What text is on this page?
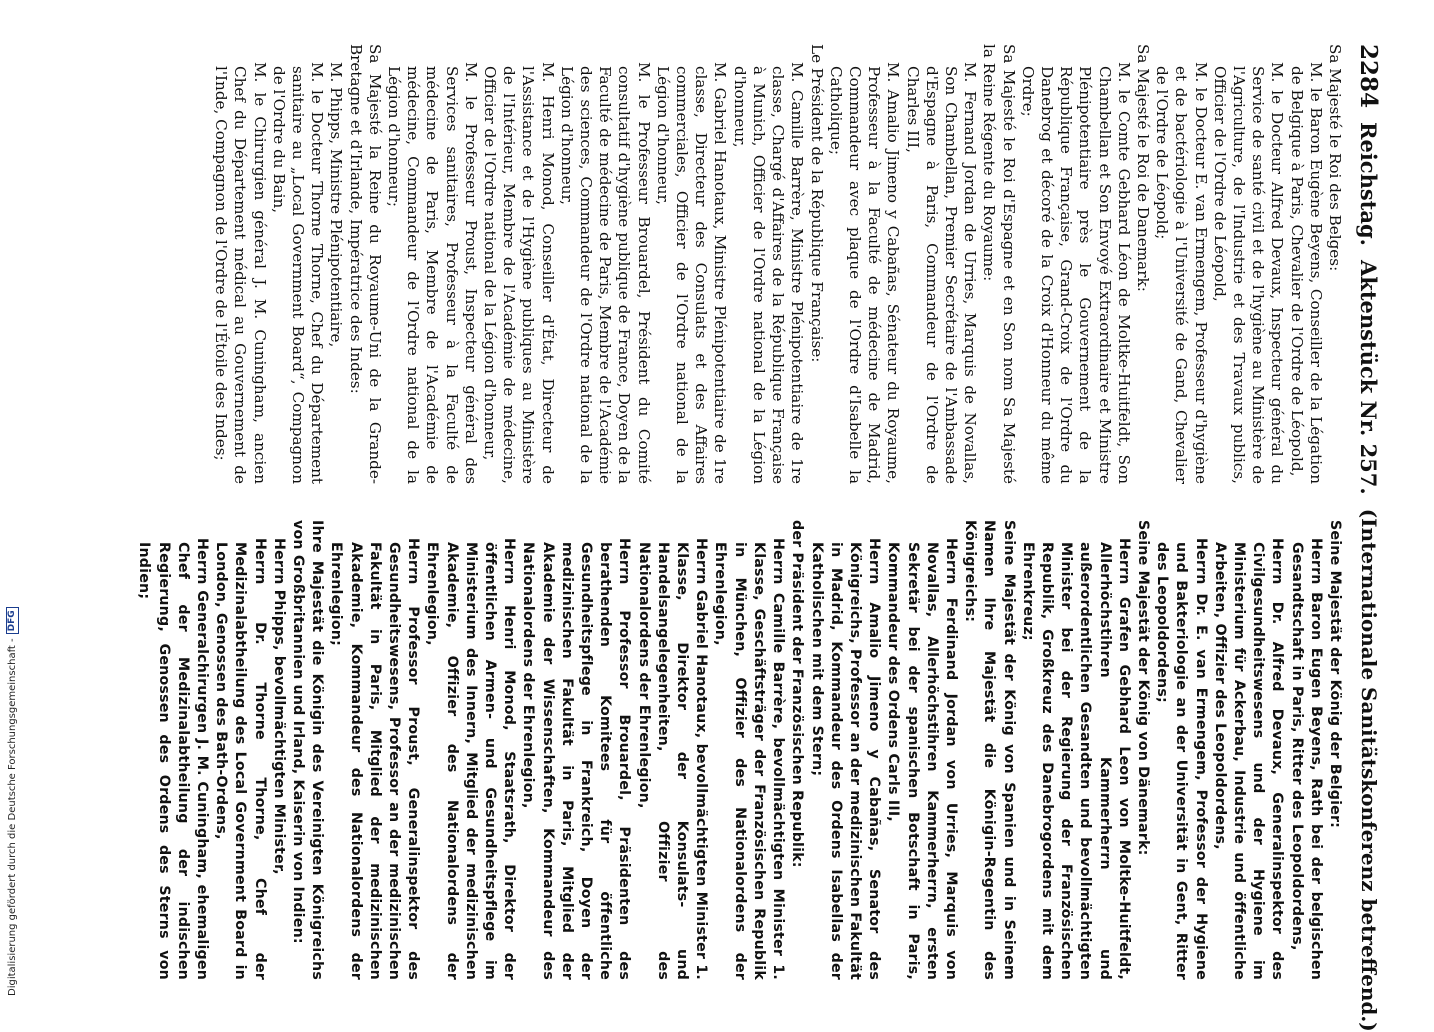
2284
Reichstag.
Aktenstück Nr. 257.
(Internationale Sanitätskonferenz betreffend.)

Sa Majesté le Roi des Belges:

M. le Baron Eugène Beyens, Conseiller de la Légation de Belgique à Paris, Chevalier de l'Ordre de Léopold,

M. le Docteur Alfred Devaux, Inspecteur général du Service de santé civil et de l'hygiène au Ministère de l'Agriculture, de l'Industrie et des Travaux publics, Officier de l'Ordre de Léopold,

M. le Docteur E. van Ermengem, Professeur d'hygiène et de bactériologie à l'Université de Gand, Chevalier de l'Ordre de Léopold;

Sa Majesté le Roi de Danemark:

M. le Comte Gebhard Léon de Moltke-Huitfeldt, Son Chambellan et Son Envoyé Extraordinaire et Ministre Plénipotentiaire près le Gouvernement de la République Française, Grand-Croix de l'Ordre du Danebrog et décoré de la Croix d'Honneur du même Ordre;

Sa Majesté le Roi d'Espagne et en Son nom Sa Majesté la Reine Régente du Royaume:

M. Fernand Jordan de Urries, Marquis de Novallas, Son Chambellan, Premier Secrétaire de l'Ambassade d'Espagne à Paris, Commandeur de l'Ordre de Charles III,

M. Amalio Jimeno y Cabañas, Sénateur du Royaume, Professeur à la Faculté de médecine de Madrid, Commandeur avec plaque de l'Ordre d'Isabelle la Catholique;

Le Président de la République Française:

M. Camille Barrère, Ministre Plénipotentiaire de 1re classe, Chargé d'Affaires de la République Française à Munich, Officier de l'Ordre national de la Légion d'honneur,

M. Gabriel Hanotaux, Ministre Plénipotentiaire de 1re classe, Directeur des Consulats et des Affaires commerciales, Officier de l'Ordre national de la Légion d'honneur,

M. le Professeur Brouardel, Président du Comité consultatif d'hygiène publique de France, Doyen de la Faculté de médecine de Paris, Membre de l'Académie des sciences, Commandeur de l'Ordre national de la Légion d'honneur,

M. Henri Monod, Conseiller d'État, Directeur de l'Assistance et de l'Hygiène publiques au Ministère de l'Intérieur, Membre de l'Académie de médecine, Officier de l'Ordre national de la Légion d'honneur,

M. le Professeur Proust, Inspecteur général des Services sanitaires, Professeur à la Faculté de médecine de Paris, Membre de l'Académie de médecine, Commandeur de l'Ordre national de la Légion d'honneur;

Sa Majesté la Reine du Royaume-Uni de la Grande-Bretagne et d'Irlande, Impératrice des Indes:

M. Phipps, Ministre Plénipotentiaire,

M. le Docteur Thorne Thorne, Chef du Département sanitaire au „Local Government Board“, Compagnon de l'Ordre du Bain,

M. le Chirurgien général J. M. Cuningham, ancien Chef du Département médical au Gouvernement de l'Inde, Compagnon de l'Ordre de l'Étoile des Indes;

Seine Majestät der König der Belgier:

Herrn Baron Eugen Beyens, Rath bei der belgischen Gesandtschaft in Paris, Ritter des Leopoldordens,

Herrn Dr. Alfred Devaux, Generalinspektor des Civilgesundheitswesens und der Hygiene im Ministerium für Ackerbau, Industrie und öffentliche Arbeiten, Offizier des Leopoldordens,

Herrn Dr. E. van Ermengem, Professor der Hygiene und Bakteriologie an der Universität in Gent, Ritter des Leopoldordens;

Seine Majestät der König von Dänemark:

Herrn Grafen Gebhard Leon von Moltke-Huitfeldt, Allerhöchstihren Kammerherrn und außerordentlichen Gesandten und bevollmächtigten Minister bei der Regierung der Französischen Republik, Großkreuz des Danebrogordens mit dem Ehrenkreuz;

Seine Majestät der König von Spanien und in Seinem Namen Ihre Majestät die Königin-Regentin des Königreichs:

Herrn Ferdinand Jordan von Urries, Marquis von Novallas, Allerhöchstihren Kammerherrn, ersten Sekretär bei der spanischen Botschaft in Paris, Kommandeur des Ordens Carls III,

Herrn Amalio Jimeno y Cabañas, Senator des Königreichs, Professor an der medizinischen Fakultät in Madrid, Kommandeur des Ordens Isabellas der Katholischen mit dem Stern;

der Präsident der Französischen Republik:

Herrn Camille Barrère, bevollmächtigten Minister 1. Klasse, Geschäftsträger der Französischen Republik in München, Offizier des Nationalordens der Ehrenlegion,

Herrn Gabriel Hanotaux, bevollmächtigten Minister 1. Klasse, Direktor der Konsulats- und Handelsangelegenheiten, Offizier des Nationalordens der Ehrenlegion,

Herrn Professor Brouardel, Präsidenten des berathenden Komitees für öffentliche Gesundheitspflege in Frankreich, Doyen der medizinischen Fakultät in Paris, Mitglied der Akademie der Wissenschaften, Kommandeur des Nationalordens der Ehrenlegion,

Herrn Henri Monod, Staatsrath, Direktor der öffentlichen Armen- und Gesundheitspflege im Ministerium des Innern, Mitglied der medizinischen Akademie, Offizier des Nationalordens der Ehrenlegion,

Herrn Professor Proust, Generalinspektor des Gesundheitswesens, Professor an der medizinischen Fakultät in Paris, Mitglied der medizinischen Akademie, Kommandeur des Nationalordens der Ehrenlegion;

Ihre Majestät die Königin des Vereinigten Königreichs von Großbritannien und Irland, Kaiserin von Indien:

Herrn Phipps, bevollmächtigten Minister,

Herrn Dr. Thorne Thorne, Chef der Medizinalabtheilung des Local Government Board in London, Genossen des Bath-Ordens,

Herrn Generalchirurgen J. M. Cuningham, ehemaligen Chef der Medizinalabtheilung der indischen Regierung, Genossen des Ordens des Sterns von Indien;

Digitalisierung gefördert durch die Deutsche Forschungsgemeinschaft -
DFG
